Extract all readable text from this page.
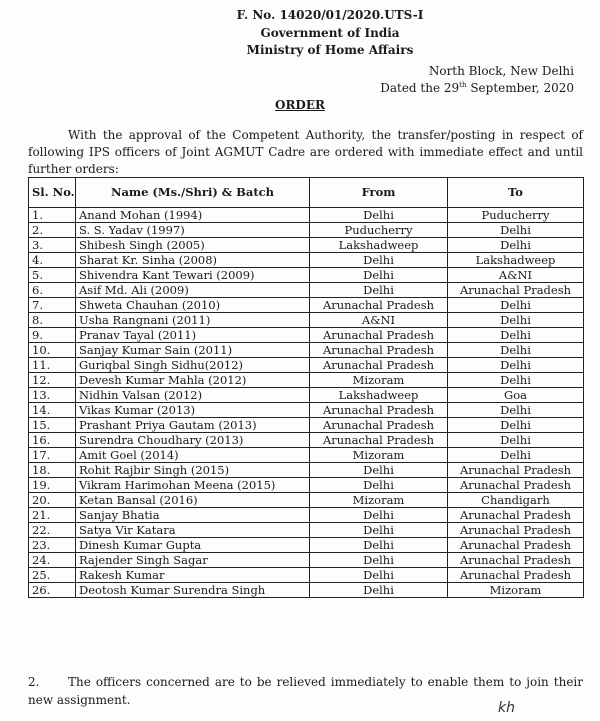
F. No. 14020/01/2020.UTS-I
Government of India
Ministry of Home Affairs
North Block, New Delhi
Dated the 29th September, 2020
ORDER
With the approval of the Competent Authority, the transfer/posting in respect of following IPS officers of Joint AGMUT Cadre are ordered with immediate effect and until further orders:
Sl. No.	Name (Ms./Shri) & Batch	From	To
1.	Anand Mohan (1994)	Delhi	Puducherry
2.	S. S. Yadav (1997)	Puducherry	Delhi
3.	Shibesh Singh (2005)	Lakshadweep	Delhi
4.	Sharat Kr. Sinha (2008)	Delhi	Lakshadweep
5.	Shivendra Kant Tewari (2009)	Delhi	A&NI
6.	Asif Md. Ali (2009)	Delhi	Arunachal Pradesh
7.	Shweta Chauhan (2010)	Arunachal Pradesh	Delhi
8.	Usha Rangnani (2011)	A&NI	Delhi
9.	Pranav Tayal (2011)	Arunachal Pradesh	Delhi
10.	Sanjay Kumar Sain (2011)	Arunachal Pradesh	Delhi
11.	Guriqbal Singh Sidhu(2012)	Arunachal Pradesh	Delhi
12.	Devesh Kumar Mahla (2012)	Mizoram	Delhi
13.	Nidhin Valsan (2012)	Lakshadweep	Goa
14.	Vikas Kumar (2013)	Arunachal Pradesh	Delhi
15.	Prashant Priya Gautam (2013)	Arunachal Pradesh	Delhi
16.	Surendra Choudhary (2013)	Arunachal Pradesh	Delhi
17.	Amit Goel (2014)	Mizoram	Delhi
18.	Rohit Rajbir Singh (2015)	Delhi	Arunachal Pradesh
19.	Vikram Harimohan Meena (2015)	Delhi	Arunachal Pradesh
20.	Ketan Bansal (2016)	Mizoram	Chandigarh
21.	Sanjay Bhatia	Delhi	Arunachal Pradesh
22.	Satya Vir Katara	Delhi	Arunachal Pradesh
23.	Dinesh Kumar Gupta	Delhi	Arunachal Pradesh
24.	Rajender Singh Sagar	Delhi	Arunachal Pradesh
25.	Rakesh Kumar	Delhi	Arunachal Pradesh
26.	Deotosh Kumar Surendra Singh	Delhi	Mizoram
2. The officers concerned are to be relieved immediately to enable them to join their new assignment.	kh
